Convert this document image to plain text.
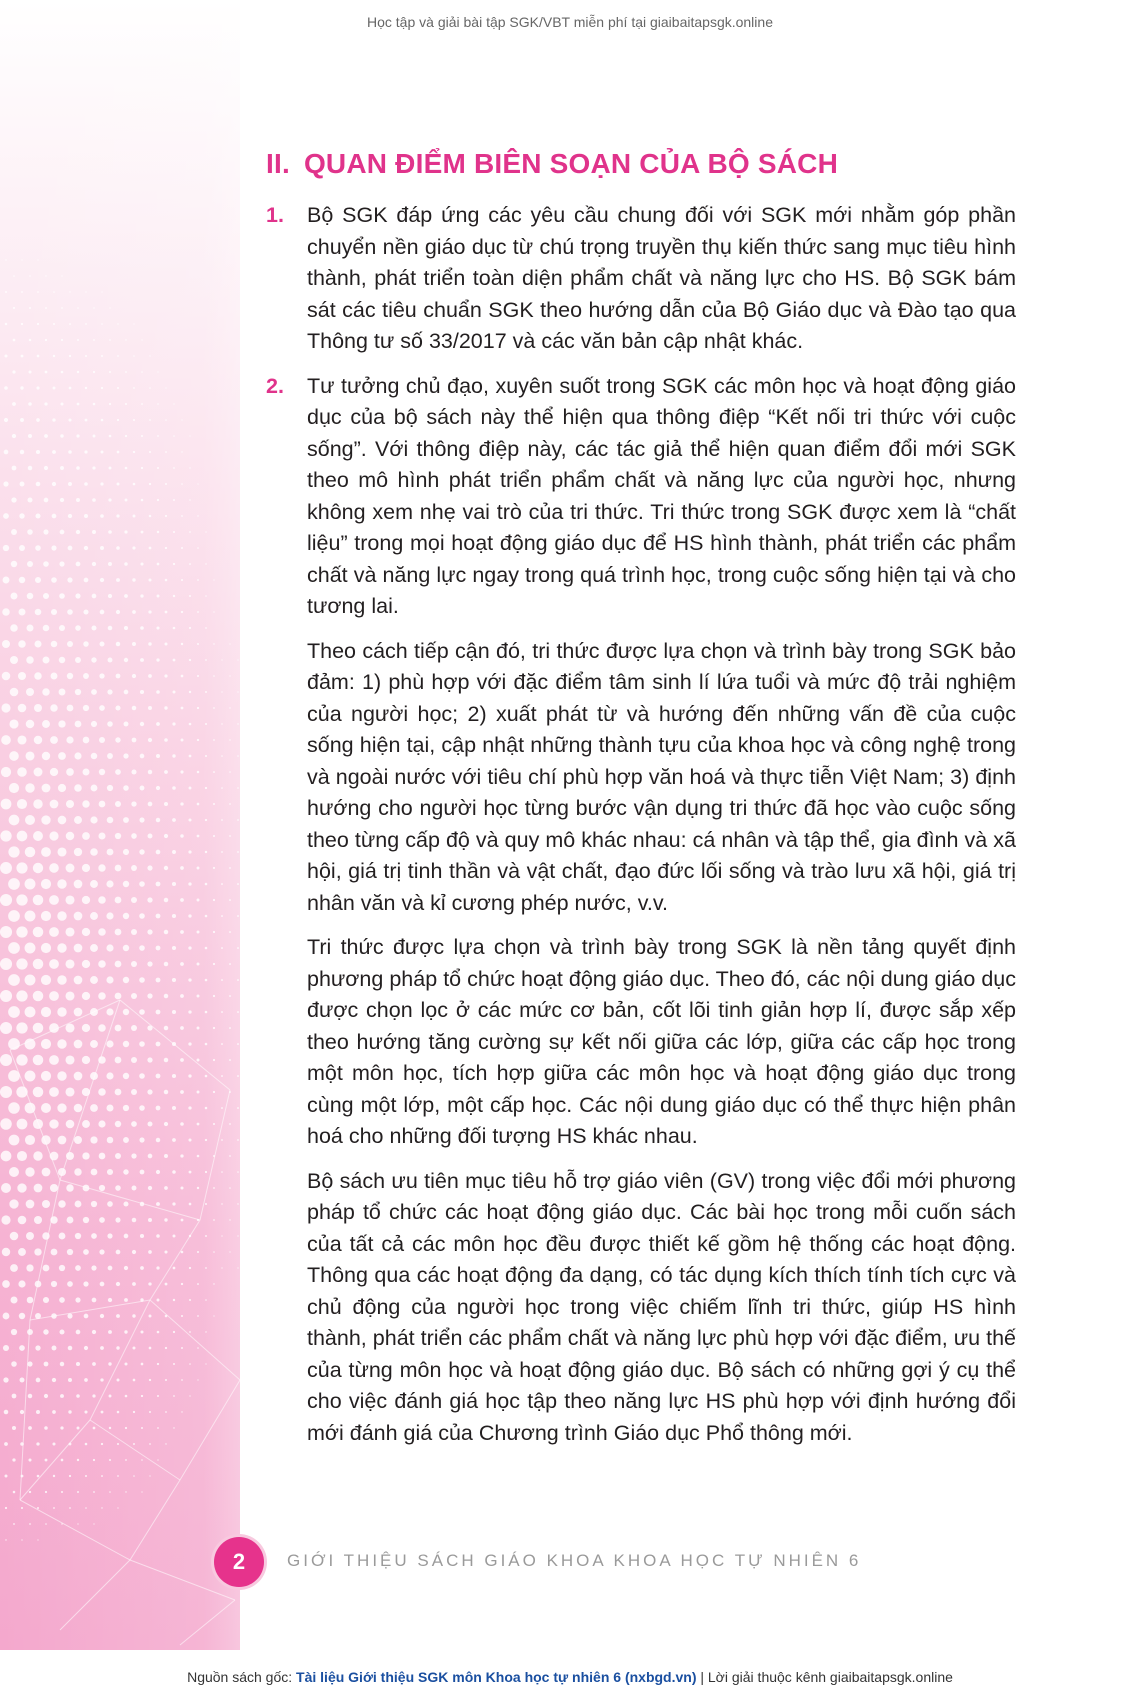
Học tập và giải bài tập SGK/VBT miễn phí tại giaibaitapsgk.online
II. QUAN ĐIỂM BIÊN SOẠN CỦA BỘ SÁCH
1.	Bộ SGK đáp ứng các yêu cầu chung đối với SGK mới nhằm góp phần chuyển nền giáo dục từ chú trọng truyền thụ kiến thức sang mục tiêu hình thành, phát triển toàn diện phẩm chất và năng lực cho HS. Bộ SGK bám sát các tiêu chuẩn SGK theo hướng dẫn của Bộ Giáo dục và Đào tạo qua Thông tư số 33/2017 và các văn bản cập nhật khác.

2.	Tư tưởng chủ đạo, xuyên suốt trong SGK các môn học và hoạt động giáo dục của bộ sách này thể hiện qua thông điệp “Kết nối tri thức với cuộc sống”. Với thông điệp này, các tác giả thể hiện quan điểm đổi mới SGK theo mô hình phát triển phẩm chất và năng lực của người học, nhưng không xem nhẹ vai trò của tri thức. Tri thức trong SGK được xem là “chất liệu” trong mọi hoạt động giáo dục để HS hình thành, phát triển các phẩm chất và năng lực ngay trong quá trình học, trong cuộc sống hiện tại và cho tương lai.

Theo cách tiếp cận đó, tri thức được lựa chọn và trình bày trong SGK bảo đảm: 1) phù hợp với đặc điểm tâm sinh lí lứa tuổi và mức độ trải nghiệm của người học; 2) xuất phát từ và hướng đến những vấn đề của cuộc sống hiện tại, cập nhật những thành tựu của khoa học và công nghệ trong và ngoài nước với tiêu chí phù hợp văn hoá và thực tiễn Việt Nam; 3) định hướng cho người học từng bước vận dụng tri thức đã học vào cuộc sống theo từng cấp độ và quy mô khác nhau: cá nhân và tập thể, gia đình và xã hội, giá trị tinh thần và vật chất, đạo đức lối sống và trào lưu xã hội, giá trị nhân văn và kỉ cương phép nước, v.v.

Tri thức được lựa chọn và trình bày trong SGK là nền tảng quyết định phương pháp tổ chức hoạt động giáo dục. Theo đó, các nội dung giáo dục được chọn lọc ở các mức cơ bản, cốt lõi tinh giản hợp lí, được sắp xếp theo hướng tăng cường sự kết nối giữa các lớp, giữa các cấp học trong một môn học, tích hợp giữa các môn học và hoạt động giáo dục trong cùng một lớp, một cấp học. Các nội dung giáo dục có thể thực hiện phân hoá cho những đối tượng HS khác nhau.

Bộ sách ưu tiên mục tiêu hỗ trợ giáo viên (GV) trong việc đổi mới phương pháp tổ chức các hoạt động giáo dục. Các bài học trong mỗi cuốn sách của tất cả các môn học đều được thiết kế gồm hệ thống các hoạt động. Thông qua các hoạt động đa dạng, có tác dụng kích thích tính tích cực và chủ động của người học trong việc chiếm lĩnh tri thức, giúp HS hình thành, phát triển các phẩm chất và năng lực phù hợp với đặc điểm, ưu thế của từng môn học và hoạt động giáo dục. Bộ sách có những gợi ý cụ thể cho việc đánh giá học tập theo năng lực HS phù hợp với định hướng đổi mới đánh giá của Chương trình Giáo dục Phổ thông mới.

2	GIỚI THIỆU SÁCH GIÁO KHOA KHOA HỌC TỰ NHIÊN 6
Nguồn sách gốc: Tài liệu Giới thiệu SGK môn Khoa học tự nhiên 6 (nxbgd.vn) | Lời giải thuộc kênh giaibaitapsgk.online
